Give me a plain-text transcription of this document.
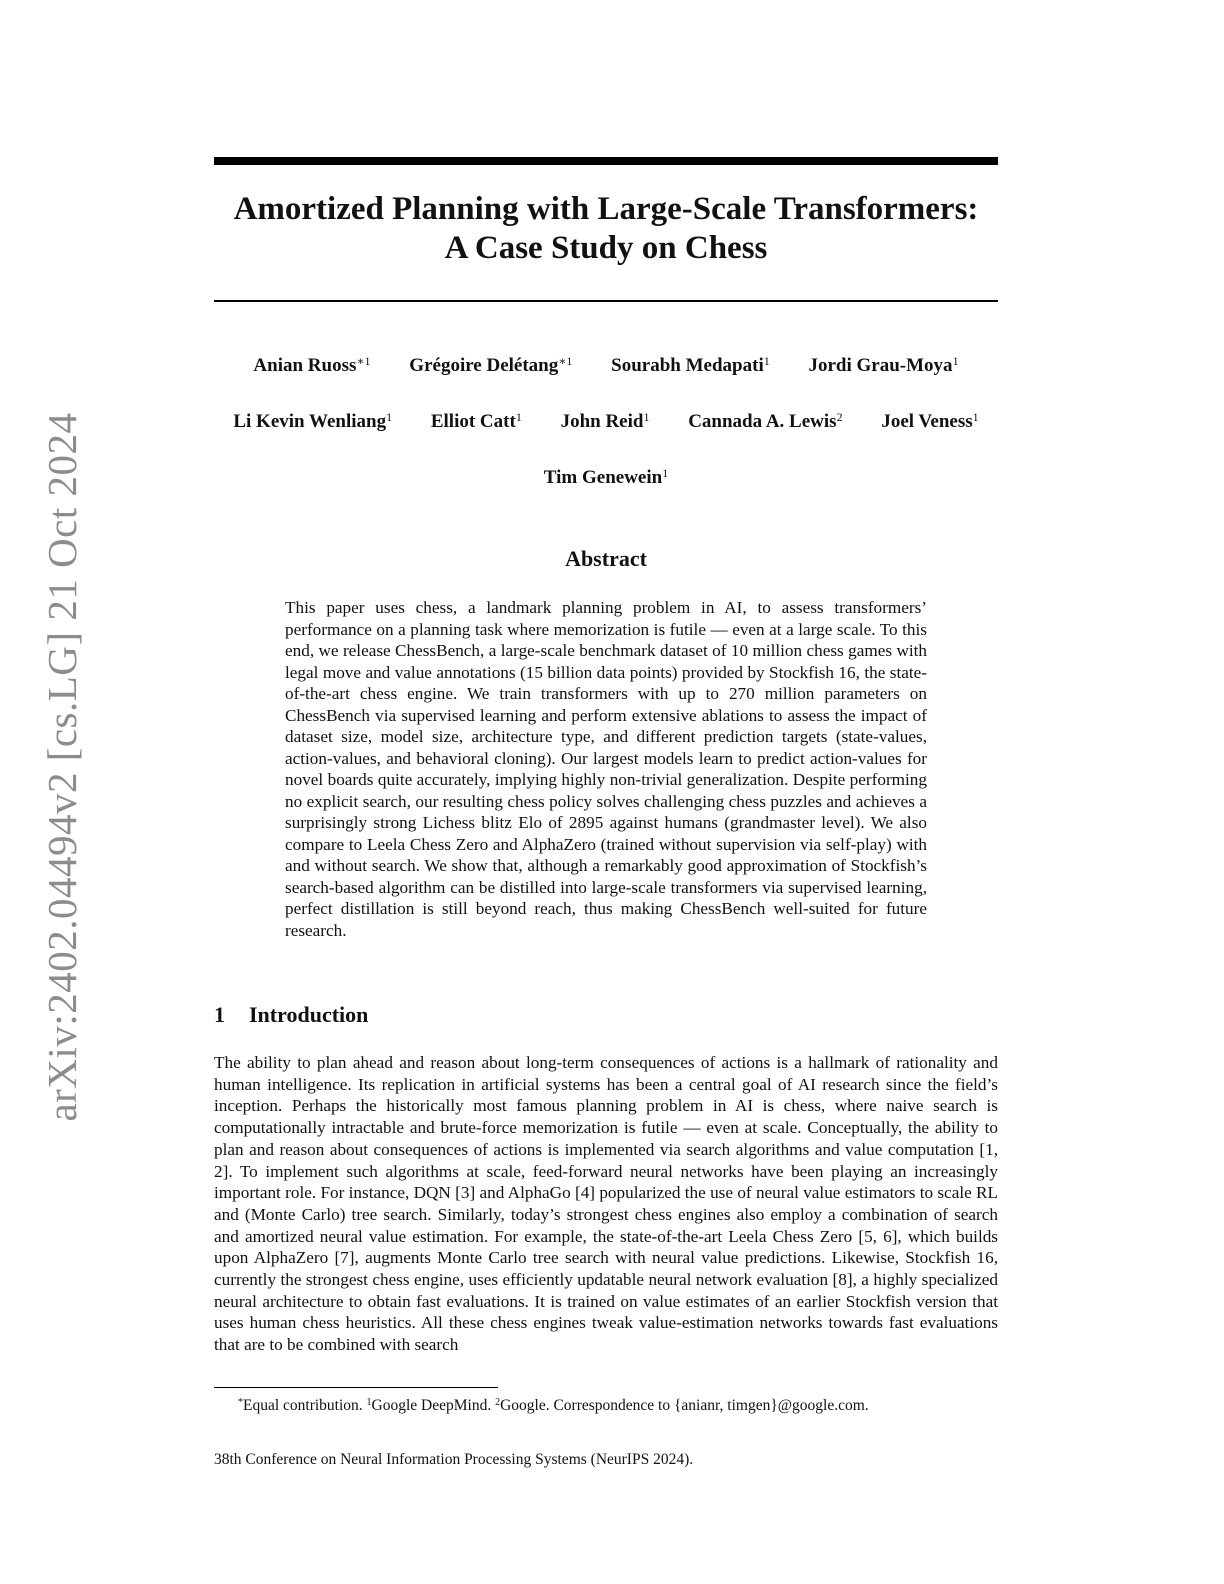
arXiv:2402.04494v2 [cs.LG] 21 Oct 2024
Amortized Planning with Large-Scale Transformers:
A Case Study on Chess
Anian Ruoss$^{∗1}$ Grégoire Delétang$^{∗1}$ Sourabh Medapati$^1$ Jordi Grau-Moya$^1$
Li Kevin Wenliang$^1$ Elliot Catt$^1$ John Reid$^1$ Cannada A. Lewis$^2$ Joel Veness$^1$
Tim Genewein$^1$
Abstract

This paper uses chess, a landmark planning problem in AI, to assess transformers’ performance on a planning task where memorization is futile — even at a large scale. To this end, we release ChessBench, a large-scale benchmark dataset of 10 million chess games with legal move and value annotations (15 billion data points) provided by Stockfish 16, the state-of-the-art chess engine. We train transformers with up to 270 million parameters on ChessBench via supervised learning and perform extensive ablations to assess the impact of dataset size, model size, architecture type, and different prediction targets (state-values, action-values, and behavioral cloning). Our largest models learn to predict action-values for novel boards quite accurately, implying highly non-trivial generalization. Despite performing no explicit search, our resulting chess policy solves challenging chess puzzles and achieves a surprisingly strong Lichess blitz Elo of 2895 against humans (grandmaster level). We also compare to Leela Chess Zero and AlphaZero (trained without supervision via self-play) with and without search. We show that, although a remarkably good approximation of Stockfish’s search-based algorithm can be distilled into large-scale transformers via supervised learning, perfect distillation is still beyond reach, thus making ChessBench well-suited for future research.

1 Introduction

The ability to plan ahead and reason about long-term consequences of actions is a hallmark of rationality and human intelligence. Its replication in artificial systems has been a central goal of AI research since the field’s inception. Perhaps the historically most famous planning problem in AI is chess, where naive search is computationally intractable and brute-force memorization is futile — even at scale. Conceptually, the ability to plan and reason about consequences of actions is implemented via search algorithms and value computation [1, 2]. To implement such algorithms at scale, feed-forward neural networks have been playing an increasingly important role. For instance, DQN [3] and AlphaGo [4] popularized the use of neural value estimators to scale RL and (Monte Carlo) tree search. Similarly, today’s strongest chess engines also employ a combination of search and amortized neural value estimation. For example, the state-of-the-art Leela Chess Zero [5, 6], which builds upon AlphaZero [7], augments Monte Carlo tree search with neural value predictions. Likewise, Stockfish 16, currently the strongest chess engine, uses efficiently updatable neural network evaluation [8], a highly specialized neural architecture to obtain fast evaluations. It is trained on value estimates of an earlier Stockfish version that uses human chess heuristics. All these chess engines tweak value-estimation networks towards fast evaluations that are to be combined with search

*Equal contribution. $^1$Google DeepMind. $^2$Google. Correspondence to {anianr, timgen}@google.com.

38th Conference on Neural Information Processing Systems (NeurIPS 2024).
